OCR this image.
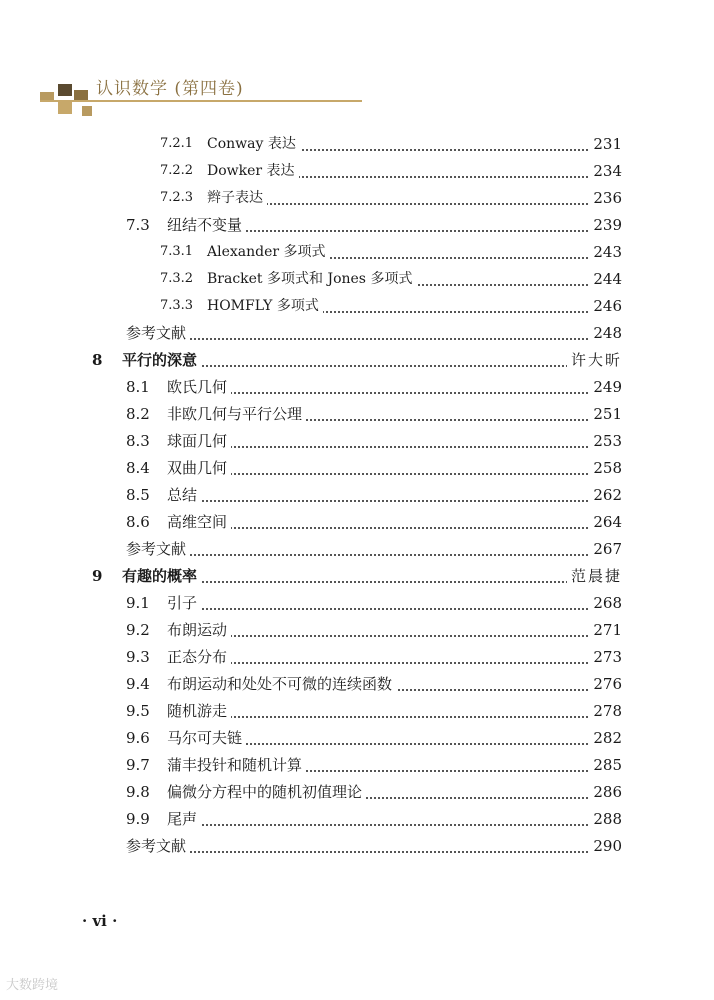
认识数学 (第四卷)
7.2.1 Conway 表达	231
7.2.2 Dowker 表达	234
7.2.3 辫子表达	236
7.3 纽结不变量	239
7.3.1 Alexander 多项式	243
7.3.2 Bracket 多项式和 Jones 多项式	244
7.3.3 HOMFLY 多项式	246
参考文献	248
8 平行的深意	许大昕
8.1 欧氏几何	249
8.2 非欧几何与平行公理	251
8.3 球面几何	253
8.4 双曲几何	258
8.5 总结	262
8.6 高维空间	264
参考文献	267
9 有趣的概率	范晨捷
9.1 引子	268
9.2 布朗运动	271
9.3 正态分布	273
9.4 布朗运动和处处不可微的连续函数	276
9.5 随机游走	278
9.6 马尔可夫链	282
9.7 蒲丰投针和随机计算	285
9.8 偏微分方程中的随机初值理论	286
9.9 尾声	288
参考文献	290
· vi ·
大数跨境
